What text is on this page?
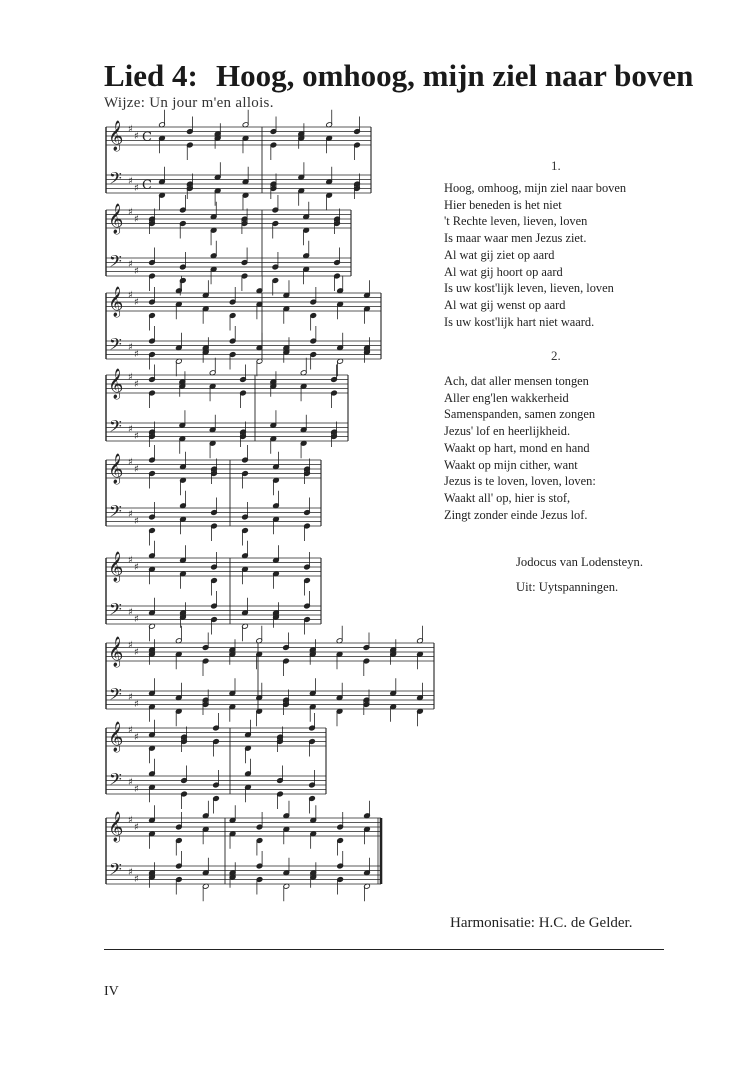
Lied 4: Hoog, omhoog, mijn ziel naar boven
Wijze: Un jour m'en allois.
𝄞
𝄢
♯
♯
♯
♯
C
C
𝄞
𝄢
♯
♯
♯
♯
𝄞
𝄢
♯
♯
♯
♯
𝄞
𝄢
♯
♯
♯
♯
𝄞
𝄢
♯
♯
♯
♯
𝄞
𝄢
♯
♯
♯
♯
𝄞
𝄢
♯
♯
♯
♯
𝄞
𝄢
♯
♯
♯
♯
𝄞
𝄢
♯
♯
♯
♯
1.
Hoog, omhoog, mijn ziel naar boven
Hier beneden is het niet
't Rechte leven, lieven, loven
Is maar waar men Jezus ziet.
Al wat gij ziet op aard
Al wat gij hoort op aard
Is uw kost'lijk leven, lieven, loven
Al wat gij wenst op aard
Is uw kost'lijk hart niet waard.
2.
Ach, dat aller mensen tongen
Aller eng'len wakkerheid
Samenspanden, samen zongen
Jezus' lof en heerlijkheid.
Waakt op hart, mond en hand
Waakt op mijn cither, want
Jezus is te loven, loven, loven:
Waakt all' op, hier is stof,
Zingt zonder einde Jezus lof.
Jodocus van Lodensteyn.
Uit: Uytspanningen.
Harmonisatie: H.C. de Gelder.
IV
